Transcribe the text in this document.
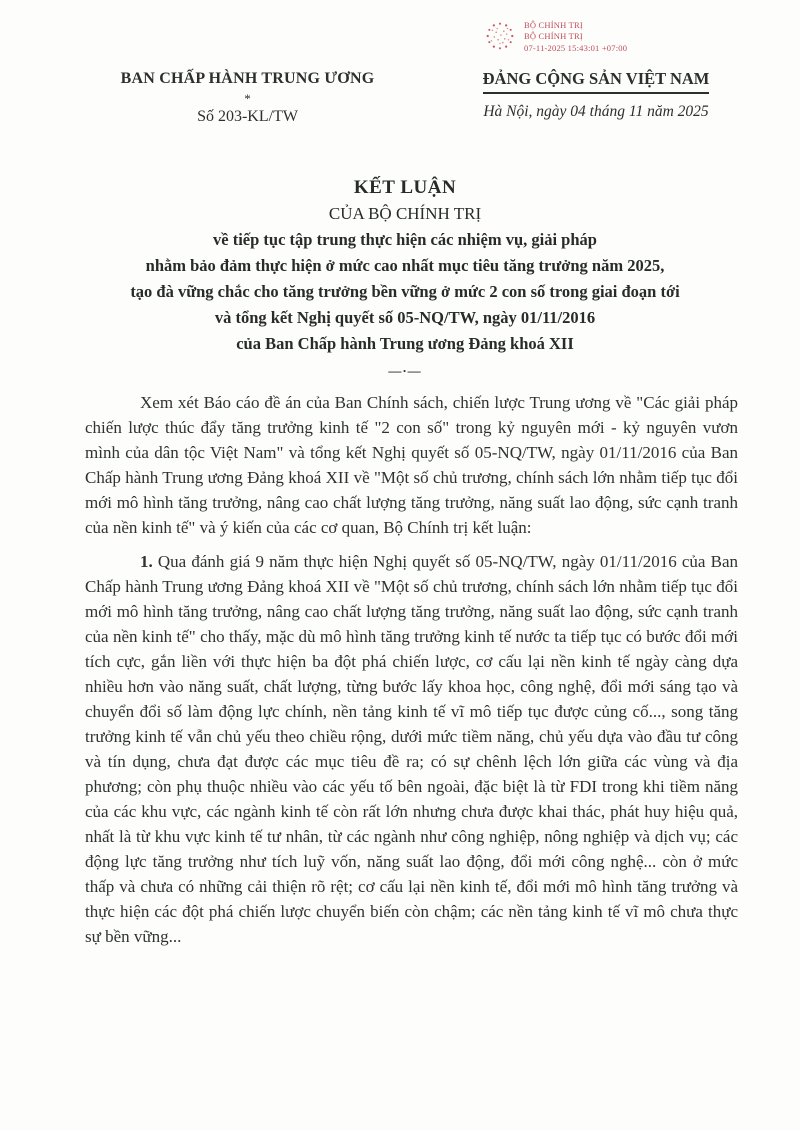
BỘ CHÍNH TRỊ
BỘ CHÍNH TRỊ
07-11-2025 15:43:01 +07:00
BAN CHẤP HÀNH TRUNG ƯƠNG
*
Số 203-KL/TW
ĐẢNG CỘNG SẢN VIỆT NAM
Hà Nội, ngày 04 tháng 11 năm 2025
KẾT LUẬN
CỦA BỘ CHÍNH TRỊ
về tiếp tục tập trung thực hiện các nhiệm vụ, giải pháp
nhằm bảo đảm thực hiện ở mức cao nhất mục tiêu tăng trưởng năm 2025,
tạo đà vững chắc cho tăng trưởng bền vững ở mức 2 con số trong giai đoạn tới
và tổng kết Nghị quyết số 05-NQ/TW, ngày 01/11/2016
của Ban Chấp hành Trung ương Đảng khoá XII
—·—

Xem xét Báo cáo đề án của Ban Chính sách, chiến lược Trung ương về "Các giải pháp chiến lược thúc đẩy tăng trưởng kinh tế "2 con số" trong kỷ nguyên mới - kỷ nguyên vươn mình của dân tộc Việt Nam" và tổng kết Nghị quyết số 05-NQ/TW, ngày 01/11/2016 của Ban Chấp hành Trung ương Đảng khoá XII về "Một số chủ trương, chính sách lớn nhằm tiếp tục đổi mới mô hình tăng trưởng, nâng cao chất lượng tăng trưởng, năng suất lao động, sức cạnh tranh của nền kinh tế" và ý kiến của các cơ quan, Bộ Chính trị kết luận:

1. Qua đánh giá 9 năm thực hiện Nghị quyết số 05-NQ/TW, ngày 01/11/2016 của Ban Chấp hành Trung ương Đảng khoá XII về "Một số chủ trương, chính sách lớn nhằm tiếp tục đổi mới mô hình tăng trưởng, nâng cao chất lượng tăng trưởng, năng suất lao động, sức cạnh tranh của nền kinh tế" cho thấy, mặc dù mô hình tăng trưởng kinh tế nước ta tiếp tục có bước đổi mới tích cực, gắn liền với thực hiện ba đột phá chiến lược, cơ cấu lại nền kinh tế ngày càng dựa nhiều hơn vào năng suất, chất lượng, từng bước lấy khoa học, công nghệ, đổi mới sáng tạo và chuyển đổi số làm động lực chính, nền tảng kinh tế vĩ mô tiếp tục được củng cố..., song tăng trưởng kinh tế vẫn chủ yếu theo chiều rộng, dưới mức tiềm năng, chủ yếu dựa vào đầu tư công và tín dụng, chưa đạt được các mục tiêu đề ra; có sự chênh lệch lớn giữa các vùng và địa phương; còn phụ thuộc nhiều vào các yếu tố bên ngoài, đặc biệt là từ FDI trong khi tiềm năng của các khu vực, các ngành kinh tế còn rất lớn nhưng chưa được khai thác, phát huy hiệu quả, nhất là từ khu vực kinh tế tư nhân, từ các ngành như công nghiệp, nông nghiệp và dịch vụ; các động lực tăng trưởng như tích luỹ vốn, năng suất lao động, đổi mới công nghệ... còn ở mức thấp và chưa có những cải thiện rõ rệt; cơ cấu lại nền kinh tế, đổi mới mô hình tăng trưởng và thực hiện các đột phá chiến lược chuyển biến còn chậm; các nền tảng kinh tế vĩ mô chưa thực sự bền vững...
